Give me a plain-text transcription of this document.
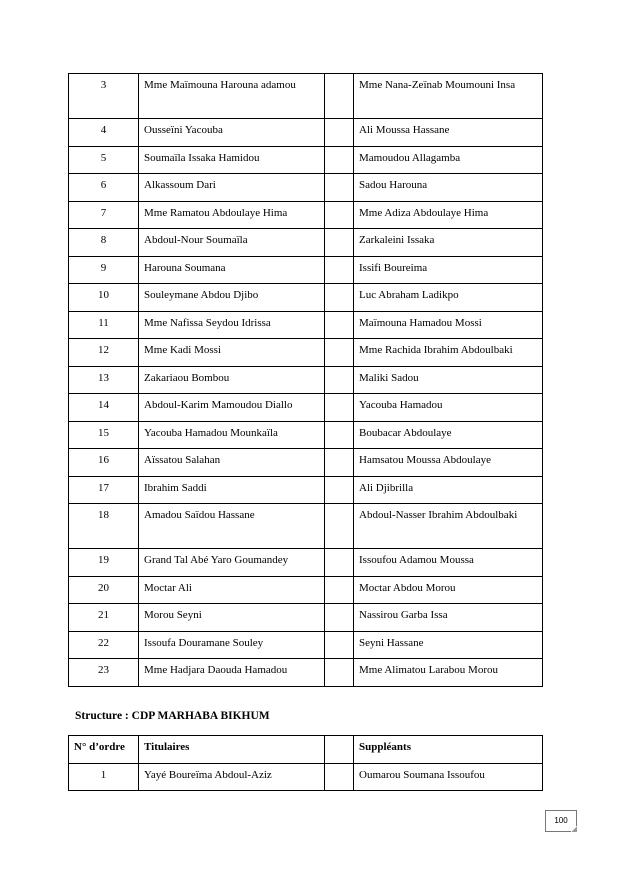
3	Mme Maïmouna Harouna adamou		Mme Nana-Zeïnab Moumouni Insa
4	Ousseïni Yacouba		Ali Moussa Hassane
5	Soumaïla Issaka Hamidou		Mamoudou Allagamba
6	Alkassoum Dari		Sadou Harouna
7	Mme Ramatou Abdoulaye Hima		Mme Adiza Abdoulaye Hima
8	Abdoul-Nour Soumaïla		Zarkaleini Issaka
9	Harouna Soumana		Issifi Boureima
10	Souleymane Abdou Djibo		Luc Abraham Ladikpo
11	Mme Nafissa Seydou Idrissa		Maïmouna Hamadou Mossi
12	Mme Kadi Mossi		Mme Rachida Ibrahim Abdoulbaki
13	Zakariaou Bombou		Maliki Sadou
14	Abdoul-Karim Mamoudou Diallo		Yacouba Hamadou
15	Yacouba Hamadou Mounkaïla		Boubacar Abdoulaye
16	Aïssatou Salahan		Hamsatou Moussa Abdoulaye
17	Ibrahim Saddi		Ali Djibrilla
18	Amadou Saïdou Hassane		Abdoul-Nasser Ibrahim Abdoulbaki
19	Grand Tal Abé Yaro Goumandey		Issoufou Adamou Moussa
20	Moctar Ali		Moctar Abdou Morou
21	Morou Seyni		Nassirou Garba Issa
22	Issoufa Douramane Souley		Seyni Hassane
23	Mme Hadjara Daouda Hamadou		Mme Alimatou Larabou Morou
Structure : CDP MARHABA BIKHUM
N° d’ordre	Titulaires		Suppléants
1	Yayé Boureïma Abdoul-Aziz		Oumarou Soumana Issoufou
100
